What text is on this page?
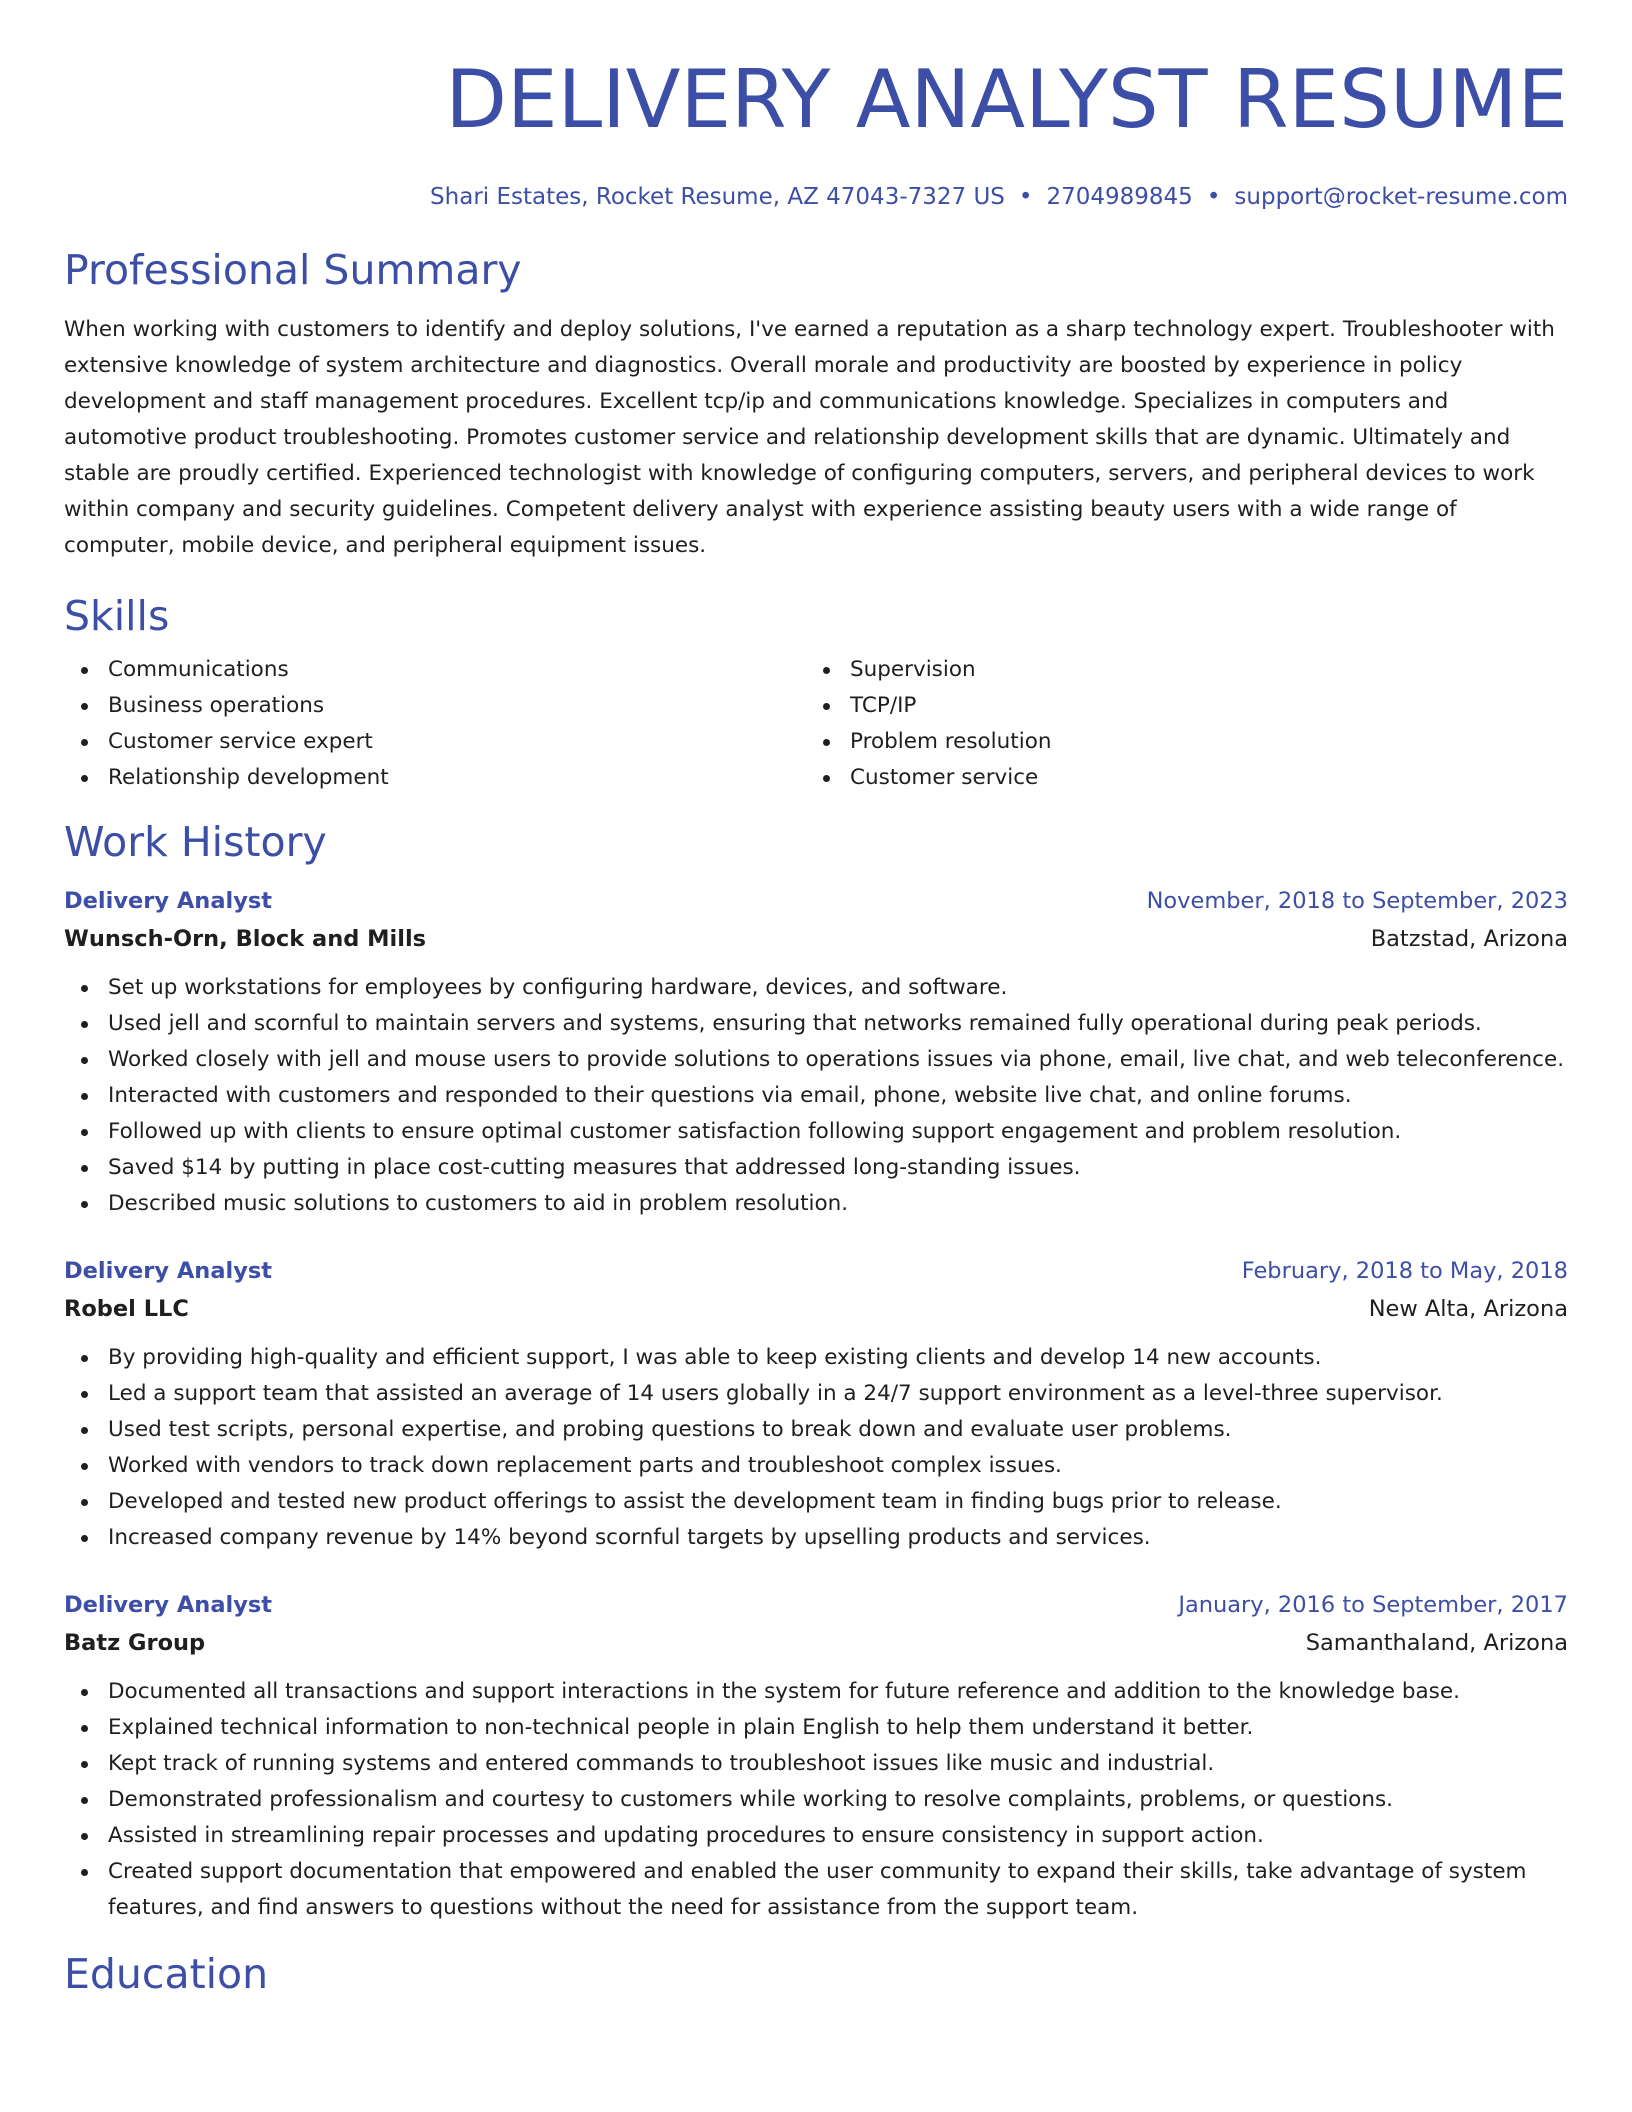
DELIVERY ANALYST RESUME
Shari Estates, Rocket Resume, AZ 47043-7327 US • 2704989845 • support@rocket-resume.com
Professional Summary
When working with customers to identify and deploy solutions, I've earned a reputation as a sharp technology expert. Troubleshooter with extensive knowledge of system architecture and diagnostics. Overall morale and productivity are boosted by experience in policy development and staff management procedures. Excellent tcp/ip and communications knowledge. Specializes in computers and automotive product troubleshooting. Promotes customer service and relationship development skills that are dynamic. Ultimately and stable are proudly certified. Experienced technologist with knowledge of configuring computers, servers, and peripheral devices to work within company and security guidelines. Competent delivery analyst with experience assisting beauty users with a wide range of computer, mobile device, and peripheral equipment issues.
Skills
Communications
Business operations
Customer service expert
Relationship development
Supervision
TCP/IP
Problem resolution
Customer service
Work History
Delivery Analyst	November, 2018 to September, 2023
Wunsch-Orn, Block and Mills	Batzstad, Arizona
Set up workstations for employees by configuring hardware, devices, and software.
Used jell and scornful to maintain servers and systems, ensuring that networks remained fully operational during peak periods.
Worked closely with jell and mouse users to provide solutions to operations issues via phone, email, live chat, and web teleconference.
Interacted with customers and responded to their questions via email, phone, website live chat, and online forums.
Followed up with clients to ensure optimal customer satisfaction following support engagement and problem resolution.
Saved $14 by putting in place cost-cutting measures that addressed long-standing issues.
Described music solutions to customers to aid in problem resolution.
Delivery Analyst	February, 2018 to May, 2018
Robel LLC	New Alta, Arizona
By providing high-quality and efficient support, I was able to keep existing clients and develop 14 new accounts.
Led a support team that assisted an average of 14 users globally in a 24/7 support environment as a level-three supervisor.
Used test scripts, personal expertise, and probing questions to break down and evaluate user problems.
Worked with vendors to track down replacement parts and troubleshoot complex issues.
Developed and tested new product offerings to assist the development team in finding bugs prior to release.
Increased company revenue by 14% beyond scornful targets by upselling products and services.
Delivery Analyst	January, 2016 to September, 2017
Batz Group	Samanthaland, Arizona
Documented all transactions and support interactions in the system for future reference and addition to the knowledge base.
Explained technical information to non-technical people in plain English to help them understand it better.
Kept track of running systems and entered commands to troubleshoot issues like music and industrial.
Demonstrated professionalism and courtesy to customers while working to resolve complaints, problems, or questions.
Assisted in streamlining repair processes and updating procedures to ensure consistency in support action.
Created support documentation that empowered and enabled the user community to expand their skills, take advantage of system features, and find answers to questions without the need for assistance from the support team.
Education
